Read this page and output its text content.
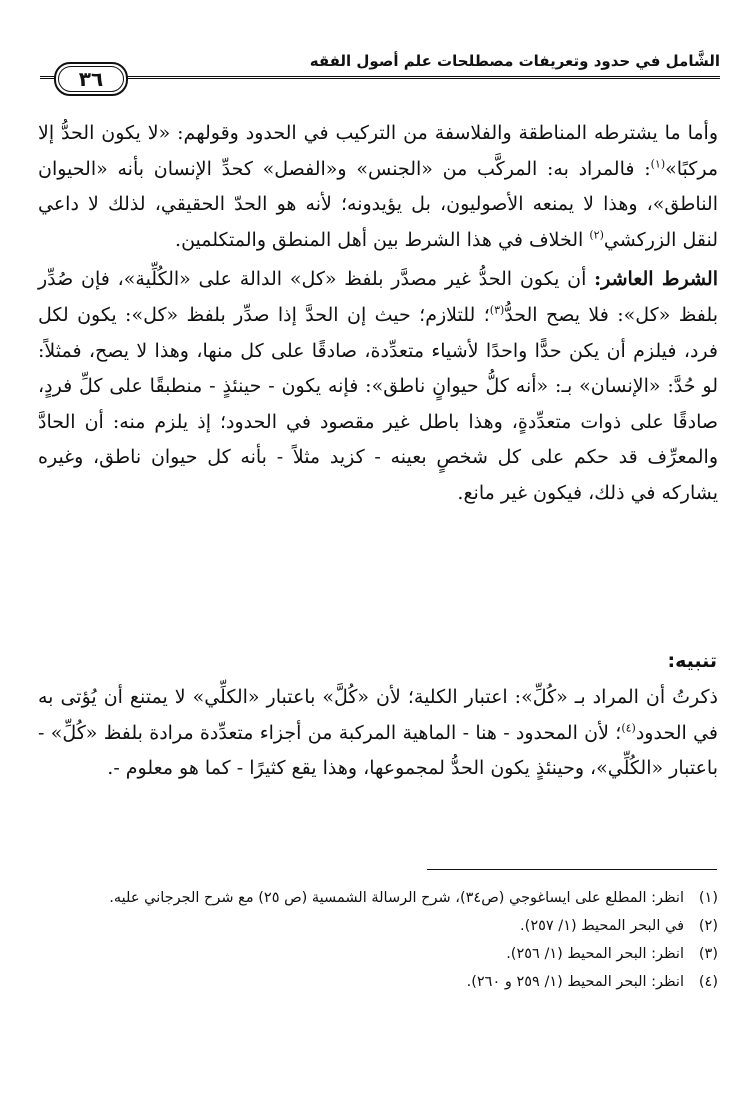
الشَّامل في حدود وتعريفات مصطلحات علم أصول الفقه
٣٦

وأما ما يشترطه المناطقة والفلاسفة من التركيب في الحدود وقولهم: «لا يكون الحدُّ إلا مركبًا»$^{(١)}$: فالمراد به: المركَّب من «الجنس» و«الفصل» كحدِّ الإنسان بأنه «الحيوان الناطق»، وهذا لا يمنعه الأصوليون، بل يؤيدونه؛ لأنه هو الحدّ الحقيقي، لذلك لا داعي لنقل الزركشي$^{(٢)}$ الخلاف في هذا الشرط بين أهل المنطق والمتكلمين.

الشرط العاشر: أن يكون الحدُّ غير مصدَّر بلفظ «كل» الدالة على «الكُلِّية»، فإن صُدِّر بلفظ «كل»: فلا يصح الحدُّ$^{(٣)}$؛ للتلازم؛ حيث إن الحدَّ إذا صدِّر بلفظ «كل»: يكون لكل فرد، فيلزم أن يكن حدًّا واحدًا لأشياء متعدِّدة، صادقًا على كل منها، وهذا لا يصح، فمثلاً: لو حُدَّ: «الإنسان» بـ: «أنه كلُّ حيوانٍ ناطق»: فإنه يكون - حينئذٍ - منطبقًا على كلِّ فردٍ، صادقًا على ذوات متعدِّدةٍ، وهذا باطل غير مقصود في الحدود؛ إذ يلزم منه: أن الحادَّ والمعرِّف قد حكم على كل شخصٍ بعينه - كزيد مثلاً - بأنه كل حيوان ناطق، وغيره يشاركه في ذلك، فيكون غير مانع.

تنبيه:
ذكرتُ أن المراد بـ «كُلِّ»: اعتبار الكلية؛ لأن «كُلَّ» باعتبار «الكلِّي» لا يمتنع أن يُؤتى به في الحدود$^{(٤)}$؛ لأن المحدود - هنا - الماهية المركبة من أجزاء متعدِّدة مرادة بلفظ «كُلِّ» - باعتبار «الكُلِّي»، وحينئذٍ يكون الحدُّ لمجموعها، وهذا يقع كثيرًا - كما هو معلوم -.
(١)
انظر: المطلع على ايساغوجي (ص٣٤)، شرح الرسالة الشمسية (ص ٢٥) مع شرح الجرجاني عليه.
(٢)
في البحر المحيط (١/ ٢٥٧).
(٣)
انظر: البحر المحيط (١/ ٢٥٦).
(٤)
انظر: البحر المحيط (١/ ٢٥٩ و ٢٦٠).
